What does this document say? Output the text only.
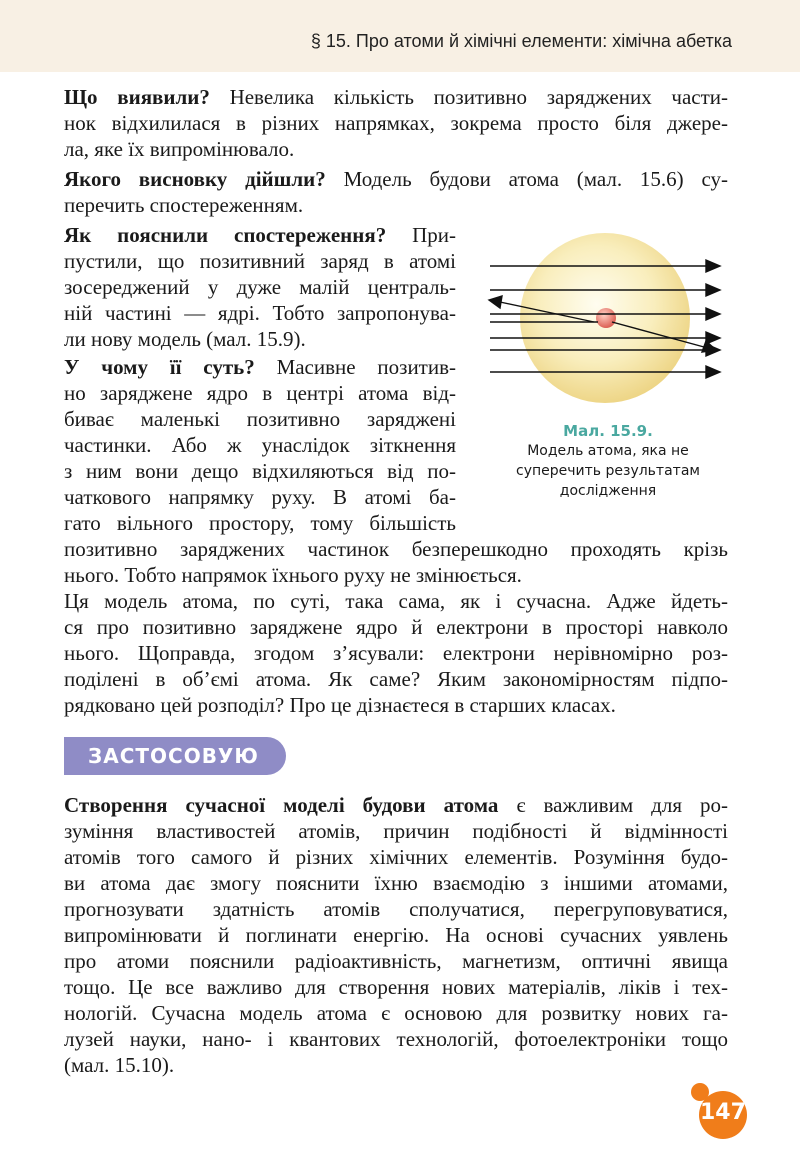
§ 15. Про атоми й хімічні елементи: хімічна абетка
Що виявили? Невелика кількість позитивно заряджених части-
нок відхилилася в різних напрямках, зокрема просто біля джере-
ла, яке їх випромінювало.
Якого висновку дійшли? Модель будови атома (мал. 15.6) су-
перечить спостереженням.
Як пояснили спостереження? При-
пустили, що позитивний заряд в атомі
зосереджений у дуже малій централь-
ній частині — ядрі. Тобто запропонува-
ли нову модель (мал. 15.9).
У чому її суть? Масивне позитив-
но заряджене ядро в центрі атома від-
биває маленькі позитивно заряджені
частинки. Або ж унаслідок зіткнення
з ним вони дещо відхиляються від по-
чаткового напрямку руху. В атомі ба-
гато вільного простору, тому більшість
позитивно заряджених частинок безперешкодно проходять крізь
нього. Тобто напрямок їхнього руху не змінюється.
Мал. 15.9.
Модель атома, яка не
суперечить результатам
дослідження
Ця модель атома, по суті, така сама, як і сучасна. Адже йдеть-
ся про позитивно заряджене ядро й електрони в просторі навколо
нього. Щоправда, згодом з’ясували: електрони нерівномірно роз-
поділені в об’ємі атома. Як саме? Яким закономірностям підпо-
рядковано цей розподіл? Про це дізнаєтеся в старших класах.
ЗАСТОСОВУЮ
Створення сучасної моделі будови атома є важливим для ро-
зуміння властивостей атомів, причин подібності й відмінності
атомів того самого й різних хімічних елементів. Розуміння будо-
ви атома дає змогу пояснити їхню взаємодію з іншими атомами,
прогнозувати здатність атомів сполучатися, перегруповуватися,
випромінювати й поглинати енергію. На основі сучасних уявлень
про атоми пояснили радіоактивність, магнетизм, оптичні явища
тощо. Це все важливо для створення нових матеріалів, ліків і тех-
нологій. Сучасна модель атома є основою для розвитку нових га-
лузей науки, нано- і квантових технологій, фотоелектроніки тощо
(мал. 15.10).
147
